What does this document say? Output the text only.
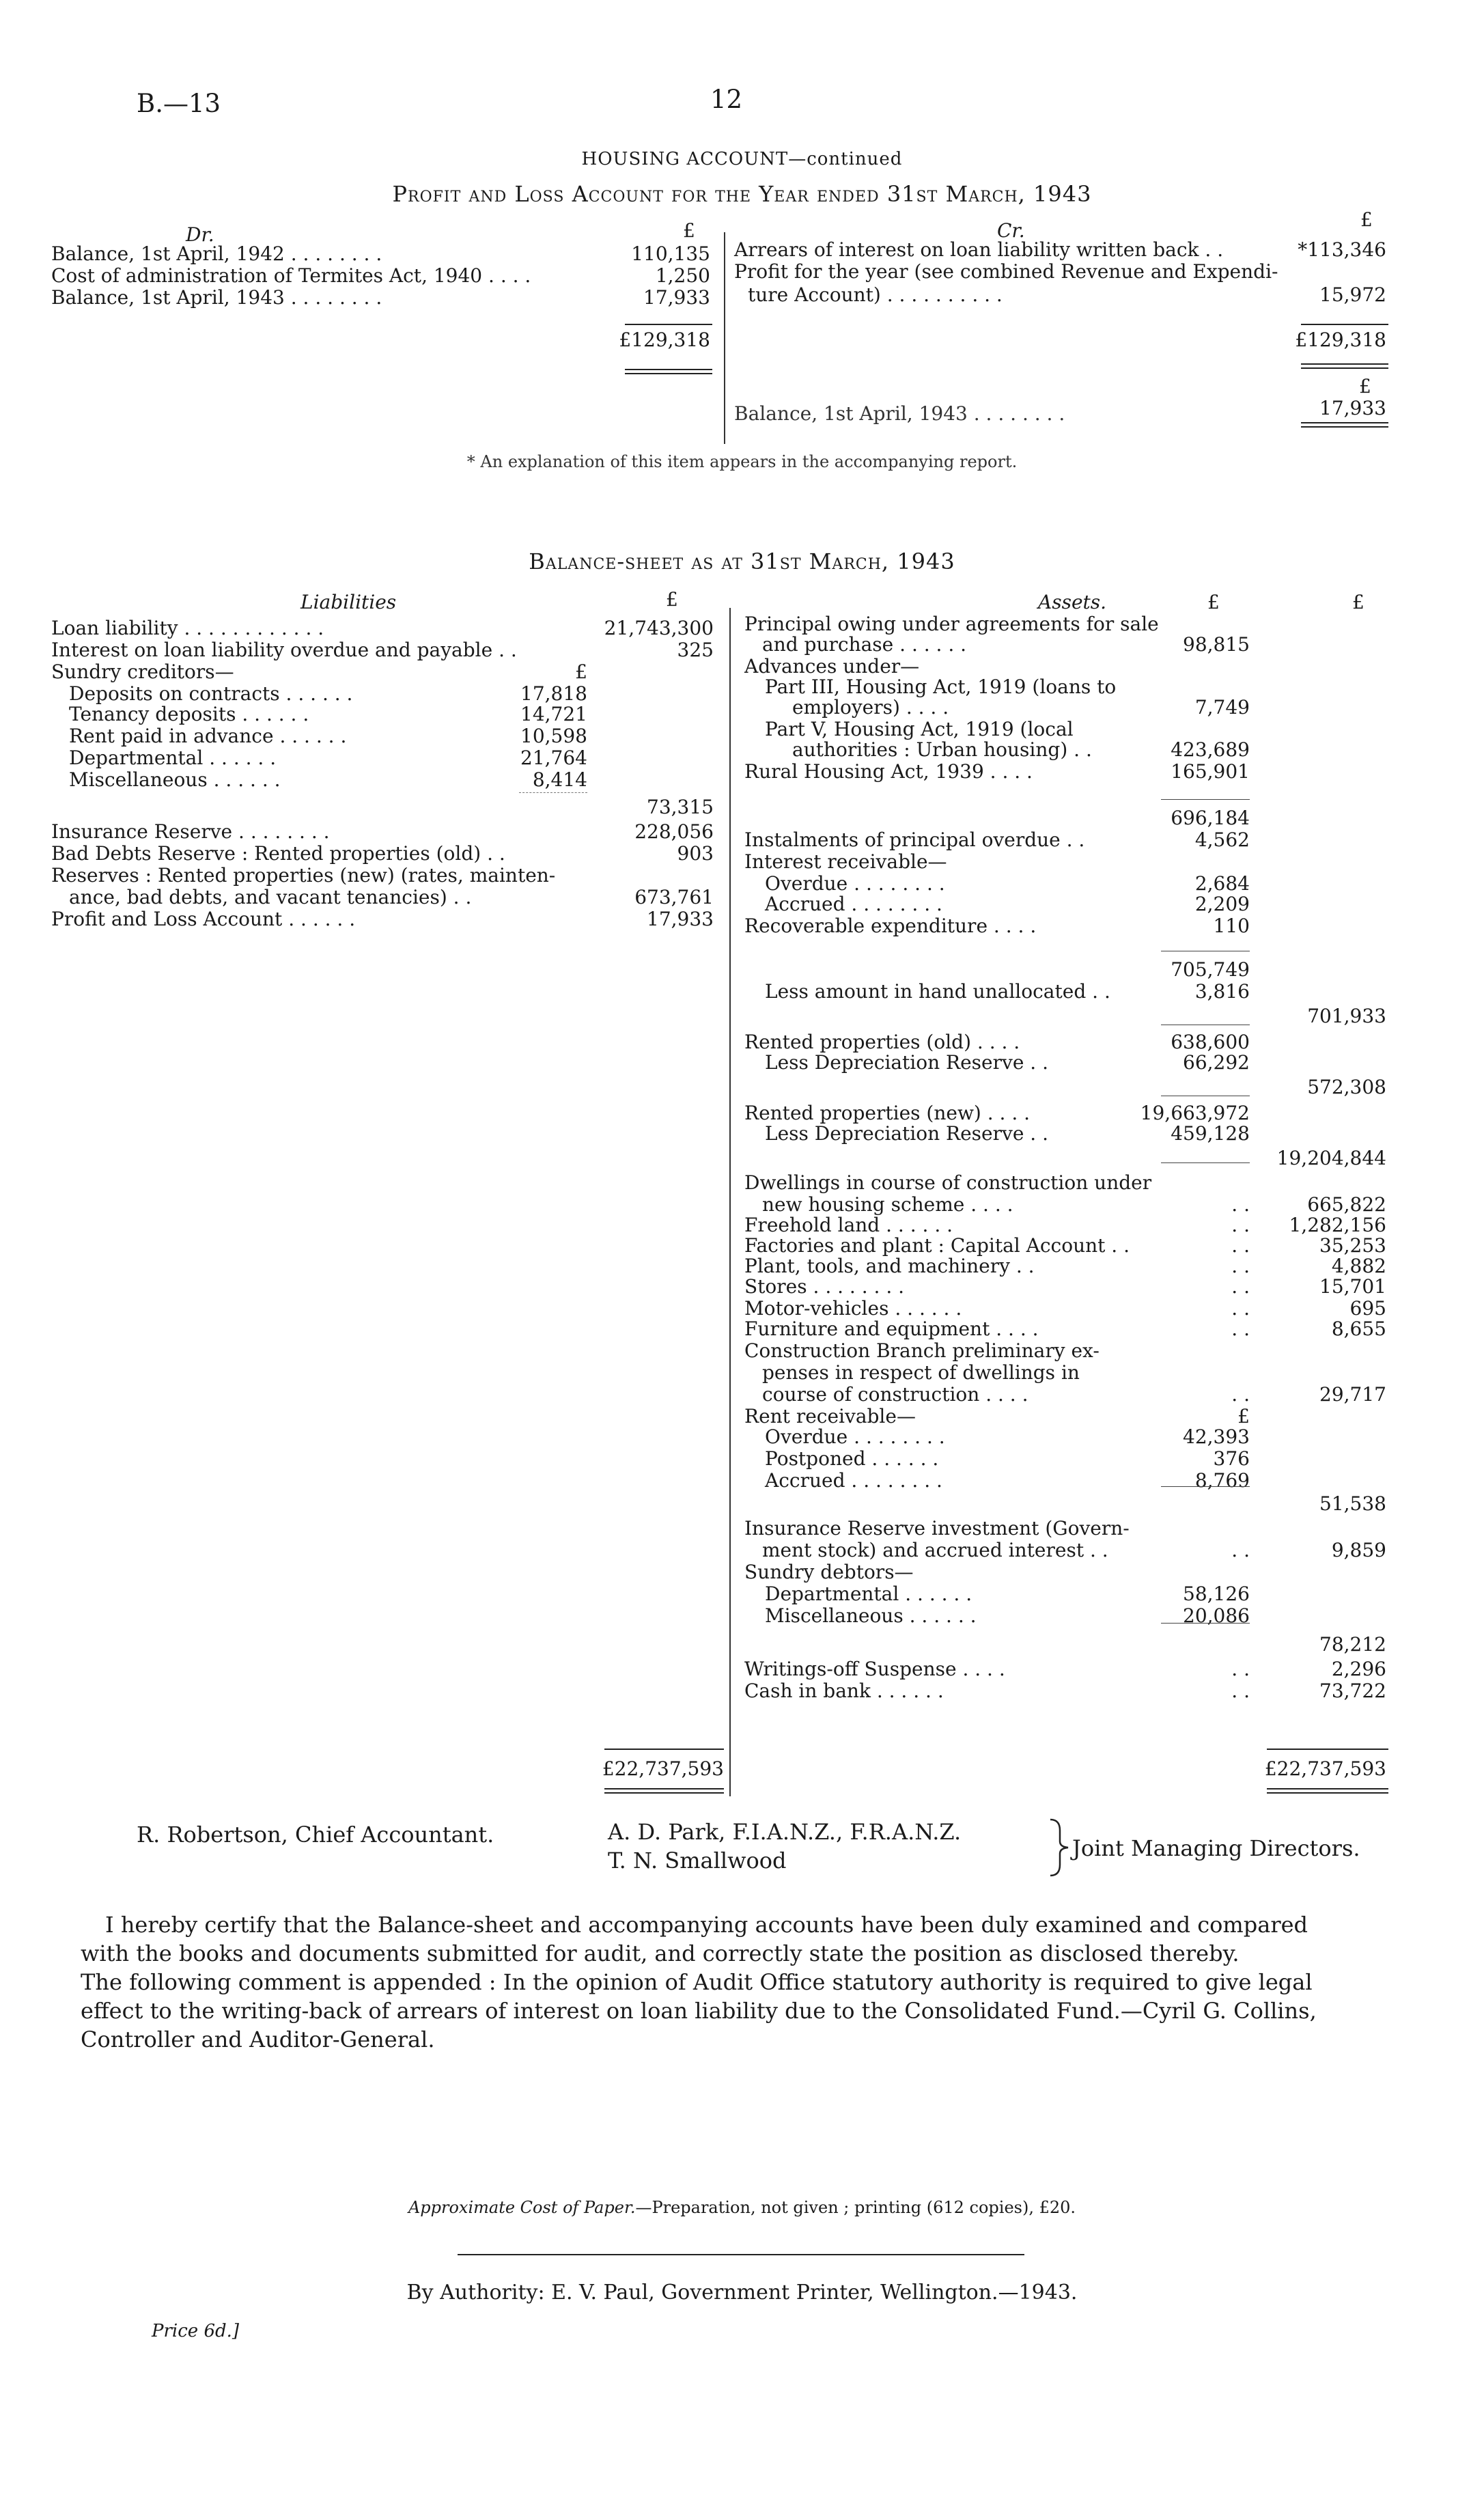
B.—13	12
HOUSING ACCOUNT—continued
Profit and Loss Account for the Year ended 31st March, 1943
Dr.	Cr.
£	£
Balance, 1st April, 1942 . . . . . . . .	110,135
Cost of administration of Termites Act, 1940 . . . .	1,250
Balance, 1st April, 1943 . . . . . . . .	17,933
Arrears of interest on loan liability written back . .	*113,346
Profit for the year (see combined Revenue and Expendi-
ture Account) . . . . . . . . . .	15,972
£129,318	£129,318
£
Balance, 1st April, 1943 . . . . . . . .	17,933
* An explanation of this item appears in the accompanying report.
Balance-sheet as at 31st March, 1943
Liabilities	£	Assets.	£	£
Loan liability . . . . . . . . . . . .	21,743,300
Interest on loan liability overdue and payable . .	325
Sundry creditors—	£
Deposits on contracts . . . . . .	17,818
Tenancy deposits . . . . . .	14,721
Rent paid in advance . . . . . .	10,598
Departmental . . . . . .	21,764
Miscellaneous . . . . . .	8,414
73,315
Insurance Reserve . . . . . . . .	228,056
Bad Debts Reserve : Rented properties (old) . .	903
Reserves : Rented properties (new) (rates, mainten-
ance, bad debts, and vacant tenancies) . .	673,761
Profit and Loss Account . . . . . .	17,933
Principal owing under agreements for sale
and purchase . . . . . .	98,815
Advances under—
Part III, Housing Act, 1919 (loans to
employers) . . . .	7,749
Part V, Housing Act, 1919 (local
authorities : Urban housing) . .	423,689
Rural Housing Act, 1939 . . . .	165,901
696,184
Instalments of principal overdue . .	4,562
Interest receivable—
Overdue . . . . . . . .	2,684
Accrued . . . . . . . .	2,209
Recoverable expenditure . . . .	110
705,749
Less amount in hand unallocated . .	3,816
701,933
Rented properties (old) . . . .	638,600
Less Depreciation Reserve . .	66,292
572,308
Rented properties (new) . . . .	19,663,972
Less Depreciation Reserve . .	459,128
19,204,844
Dwellings in course of construction under
new housing scheme . . . .	. .	665,822
Freehold land . . . . . .	. .	1,282,156
Factories and plant : Capital Account . .	. .	35,253
Plant, tools, and machinery . .	. .	4,882
Stores . . . . . . . .	. .	15,701
Motor-vehicles . . . . . .	. .	695
Furniture and equipment . . . .	. .	8,655
Construction Branch preliminary ex-
penses in respect of dwellings in
course of construction . . . .	. .	29,717
Rent receivable—	£
Overdue . . . . . . . .	42,393
Postponed . . . . . .	376
Accrued . . . . . . . .	8,769
51,538
Insurance Reserve investment (Govern-
ment stock) and accrued interest . .	. .	9,859
Sundry debtors—
Departmental . . . . . .	58,126
Miscellaneous . . . . . .	20,086
78,212
Writings-off Suspense . . . .	. .	2,296
Cash in bank . . . . . .	. .	73,722
£22,737,593	£22,737,593
R. Robertson, Chief Accountant.	A. D. Park, F.I.A.N.Z., F.R.A.N.Z.
T. N. Smallwood	Joint Managing Directors.
I hereby certify that the Balance-sheet and accompanying accounts have been duly examined and compared
with the books and documents submitted for audit, and correctly state the position as disclosed thereby.
The following comment is appended : In the opinion of Audit Office statutory authority is required to give legal
effect to the writing-back of arrears of interest on loan liability due to the Consolidated Fund.—Cyril G. Collins,
Controller and Auditor-General.
Approximate Cost of Paper.—Preparation, not given ; printing (612 copies), £20.
By Authority: E. V. Paul, Government Printer, Wellington.—1943.
Price 6d.]
